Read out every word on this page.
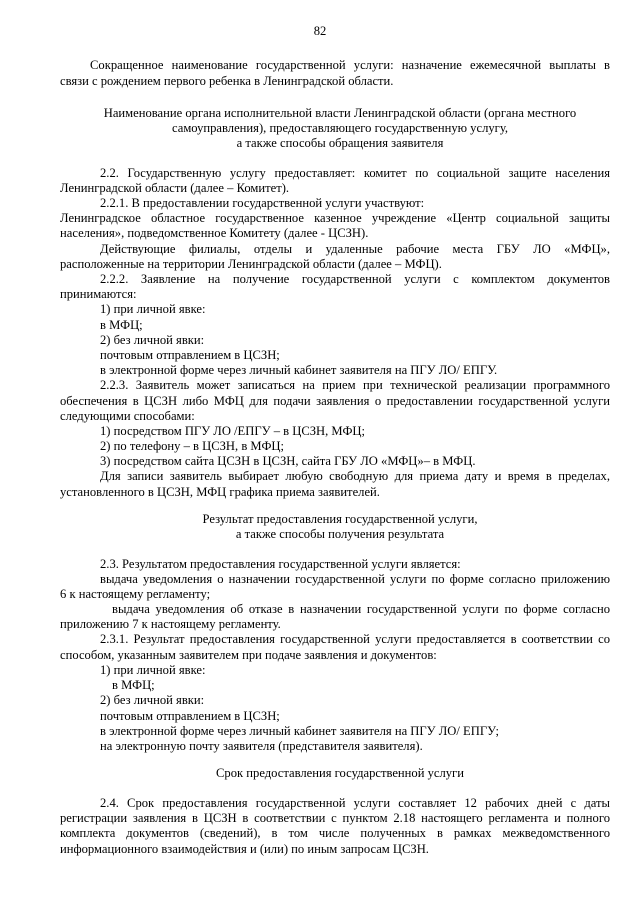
82
Сокращенное наименование государственной услуги: назначение ежемесячной выплаты в
связи с рождением первого ребенка в Ленинградской области.
Наименование органа исполнительной власти Ленинградской области (органа местного
самоуправления), предоставляющего государственную услугу,
а также способы обращения заявителя
2.2. Государственную услугу предоставляет: комитет по социальной защите населения
Ленинградской области (далее – Комитет).
2.2.1. В предоставлении государственной услуги участвуют:
Ленинградское областное государственное казенное учреждение «Центр социальной защиты
населения», подведомственное Комитету (далее - ЦСЗН).
Действующие филиалы, отделы и удаленные рабочие места ГБУ ЛО «МФЦ»,
расположенные на территории Ленинградской области (далее – МФЦ).
2.2.2. Заявление на получение государственной услуги с комплектом документов
принимаются:
1) при личной явке:
в МФЦ;
2) без личной явки:
почтовым отправлением в ЦСЗН;
в электронной форме через личный кабинет заявителя на ПГУ ЛО/ ЕПГУ.
2.2.3. Заявитель может записаться на прием при технической реализации программного
обеспечения в ЦСЗН либо МФЦ для подачи заявления о предоставлении государственной услуги
следующими способами:
1) посредством ПГУ ЛО /ЕПГУ – в ЦСЗН, МФЦ;
2) по телефону – в ЦСЗН, в МФЦ;
3) посредством сайта ЦСЗН в ЦСЗН, сайта ГБУ ЛО «МФЦ»– в МФЦ.
Для записи заявитель выбирает любую свободную для приема дату и время в пределах,
установленного в ЦСЗН, МФЦ графика приема заявителей.
Результат предоставления государственной услуги,
а также способы получения результата
2.3. Результатом предоставления государственной услуги является:
выдача уведомления о назначении государственной услуги по форме согласно приложению
6 к настоящему регламенту;
выдача уведомления об отказе в назначении государственной услуги по форме согласно
приложению 7 к настоящему регламенту.
2.3.1. Результат предоставления государственной услуги предоставляется в соответствии со
способом, указанным заявителем при подаче заявления и документов:
1) при личной явке:
в МФЦ;
2) без личной явки:
почтовым отправлением в ЦСЗН;
в электронной форме через личный кабинет заявителя на ПГУ ЛО/ ЕПГУ;
на электронную почту заявителя (представителя заявителя).
Срок предоставления государственной услуги
2.4. Срок предоставления государственной услуги составляет 12 рабочих дней с даты
регистрации заявления в ЦСЗН в соответствии с пунктом 2.18 настоящего регламента и полного
комплекта документов (сведений), в том числе полученных в рамках межведомственного
информационного взаимодействия и (или) по иным запросам ЦСЗН.
